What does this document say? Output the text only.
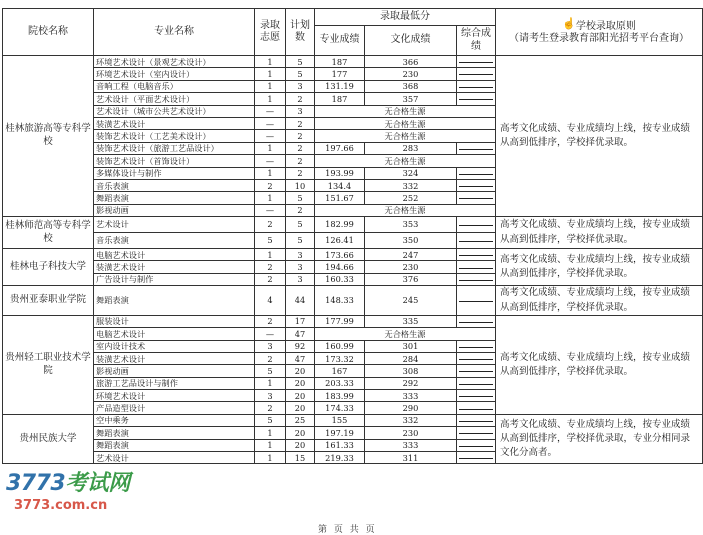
院校名称	专业名称	录取志愿	计划数	录取最低分			☝学校录取原则
（请考生登录教育部阳光招考平台查询）

				专业成绩	文化成绩	综合成绩	
桂林旅游高等专科学校	环境艺术设计（景观艺术设计）	1	5	187	366		高考文化成绩、专业成绩均上线，按专业成绩从高到低排序，学校择优录取。
	环境艺术设计（室内设计）	1	5	177	230		
	音响工程（电脑音乐）	1	3	131.19	368		
	艺术设计（平面艺术设计）	1	2	187	357		
	艺术设计（城市公共艺术设计）	—	3	无合格生源			
	装潢艺术设计	—	2	无合格生源			
	装饰艺术设计（工艺美术设计）	—	2	无合格生源			
	装饰艺术设计（旅游工艺品设计）	1	2	197.66	283		
	装饰艺术设计（首饰设计）	—	2	无合格生源			
	多媒体设计与制作	1	2	193.99	324		
	音乐表演	2	10	134.4	332		
	舞蹈表演	1	5	151.67	252		
	影视动画	—	2	无合格生源			
桂林师范高等专科学校	艺术设计	2	5	182.99	353		高考文化成绩、专业成绩均上线，按专业成绩从高到低排序，学校择优录取。
	音乐表演	5	5	126.41	350		
桂林电子科技大学	电脑艺术设计	1	3	173.66	247		高考文化成绩、专业成绩均上线，按专业成绩从高到低排序，学校择优录取。
	装潢艺术设计	2	3	194.66	230		
	广告设计与制作	2	3	160.33	376		
贵州亚泰职业学院	舞蹈表演	4	44	148.33	245		高考文化成绩、专业成绩均上线，按专业成绩从高到低排序，学校择优录取。
贵州轻工职业技术学院	服装设计	2	17	177.99	335		高考文化成绩、专业成绩均上线，按专业成绩从高到低排序，学校择优录取。
	电脑艺术设计	—	47	无合格生源			
	室内设计技术	3	92	160.99	301		
	装潢艺术设计	2	47	173.32	284		
	影视动画	5	20	167	308		
	旅游工艺品设计与制作	1	20	203.33	292		
	环境艺术设计	3	20	183.99	333		
	产品造型设计	2	20	174.33	290		
贵州民族大学	空中乘务	5	25	155	332		高考文化成绩、专业成绩均上线，按专业成绩从高到低排序，学校择优录取，专业分相同录文化分高者。
	舞蹈表演	1	20	197.19	230		
	舞蹈表演	1	20	161.33	333		
	艺术设计	1	15	219.33	311		
第 页 共 页
3773考试网
3773.com.cn
